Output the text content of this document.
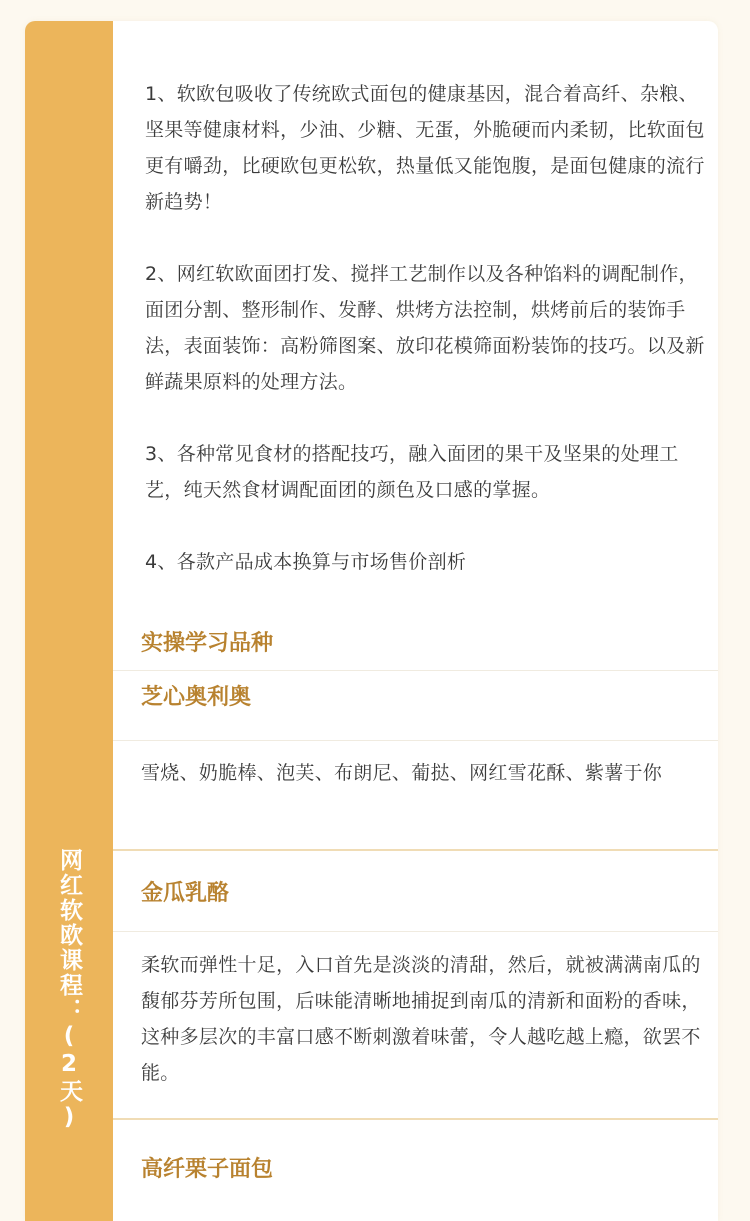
网红软欧课程：(2天)

1、软欧包吸收了传统欧式面包的健康基因，混合着高纤、杂粮、坚果等健康材料，少油、少糖、无蛋，外脆硬而内柔韧，比软面包更有嚼劲，比硬欧包更松软，热量低又能饱腹，是面包健康的流行新趋势！

2、网红软欧面团打发、搅拌工艺制作以及各种馅料的调配制作，面团分割、整形制作、发酵、烘烤方法控制，烘烤前后的装饰手法，表面装饰：高粉筛图案、放印花模筛面粉装饰的技巧。以及新鲜蔬果原料的处理方法。

3、各种常见食材的搭配技巧，融入面团的果干及坚果的处理工艺，纯天然食材调配面团的颜色及口感的掌握。

4、各款产品成本换算与市场售价剖析

实操学习品种
芝心奥利奥

雪烧、奶脆棒、泡芙、布朗尼、葡挞、网红雪花酥、紫薯于你

金瓜乳酪

柔软而弹性十足，入口首先是淡淡的清甜，然后，就被满满南瓜的馥郁芬芳所包围，后味能清晰地捕捉到南瓜的清新和面粉的香味，这种多层次的丰富口感不断刺激着味蕾，令人越吃越上瘾，欲罢不能。

高纤栗子面包
